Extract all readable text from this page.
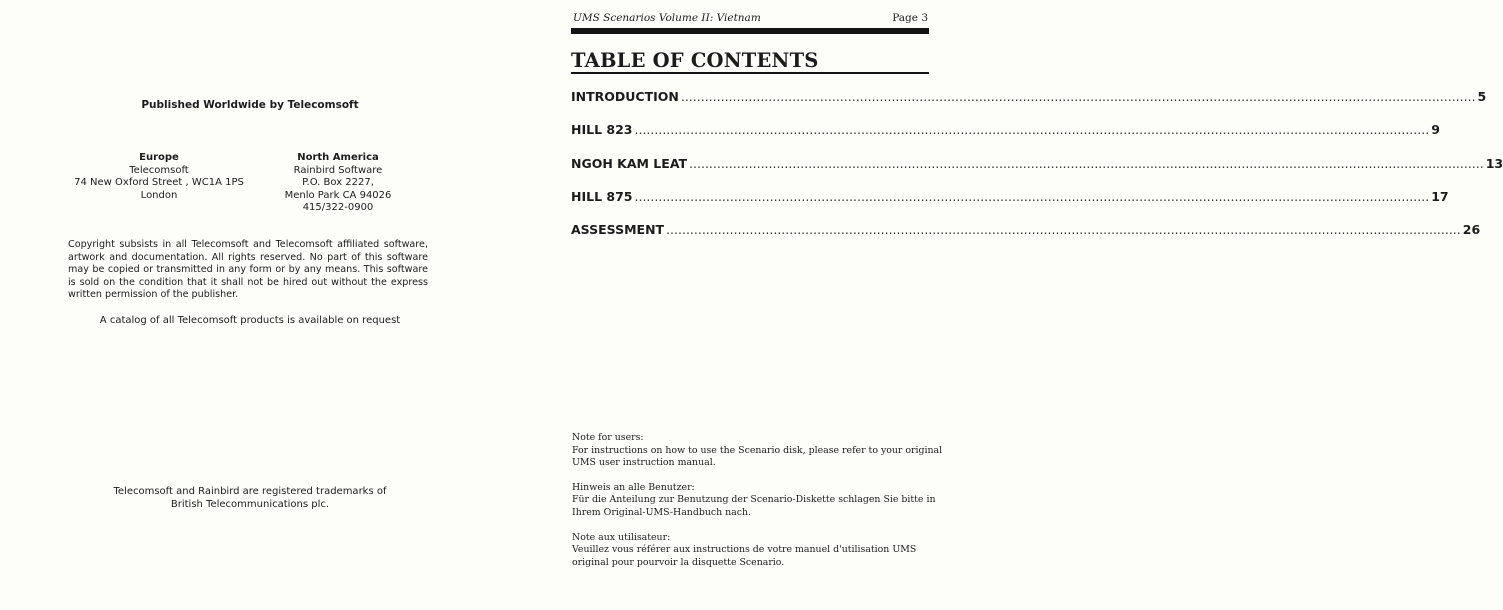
Published Worldwide by Telecomsoft
Europe
Telecomsoft
74 New Oxford Street , WC1A 1PS
London
North America
Rainbird Software
P.O. Box 2227,
Menlo Park CA 94026
415/322-0900
Copyright subsists in all Telecomsoft and Telecomsoft affiliated software, artwork and documentation. All rights reserved. No part of this software may be copied or transmitted in any form or by any means. This software is sold on the condition that it shall not be hired out without the express written permission of the publisher.
A catalog of all Telecomsoft products is available on request
Telecomsoft and Rainbird are registered trademarks of
British Telecommunications plc.
UMS Scenarios Volume II: Vietnam	Page 3
TABLE OF CONTENTS
INTRODUCTION ........................................................................................................................................................................................................ 5
HILL 823 ........................................................................................................................................................................................................ 9
NGOH KAM LEAT ........................................................................................................................................................................................................ 13
HILL 875 ........................................................................................................................................................................................................ 17
ASSESSMENT ........................................................................................................................................................................................................ 26
Note for users:
For instructions on how to use the Scenario disk, please refer to your original
UMS user instruction manual.
Hinweis an alle Benutzer:
Für die Anteilung zur Benutzung der Scenario-Diskette schlagen Sie bitte in
Ihrem Original-UMS-Handbuch nach.
Note aux utilisateur:
Veuillez vous référer aux instructions de votre manuel d'utilisation UMS
original pour pourvoir la disquette Scenario.
